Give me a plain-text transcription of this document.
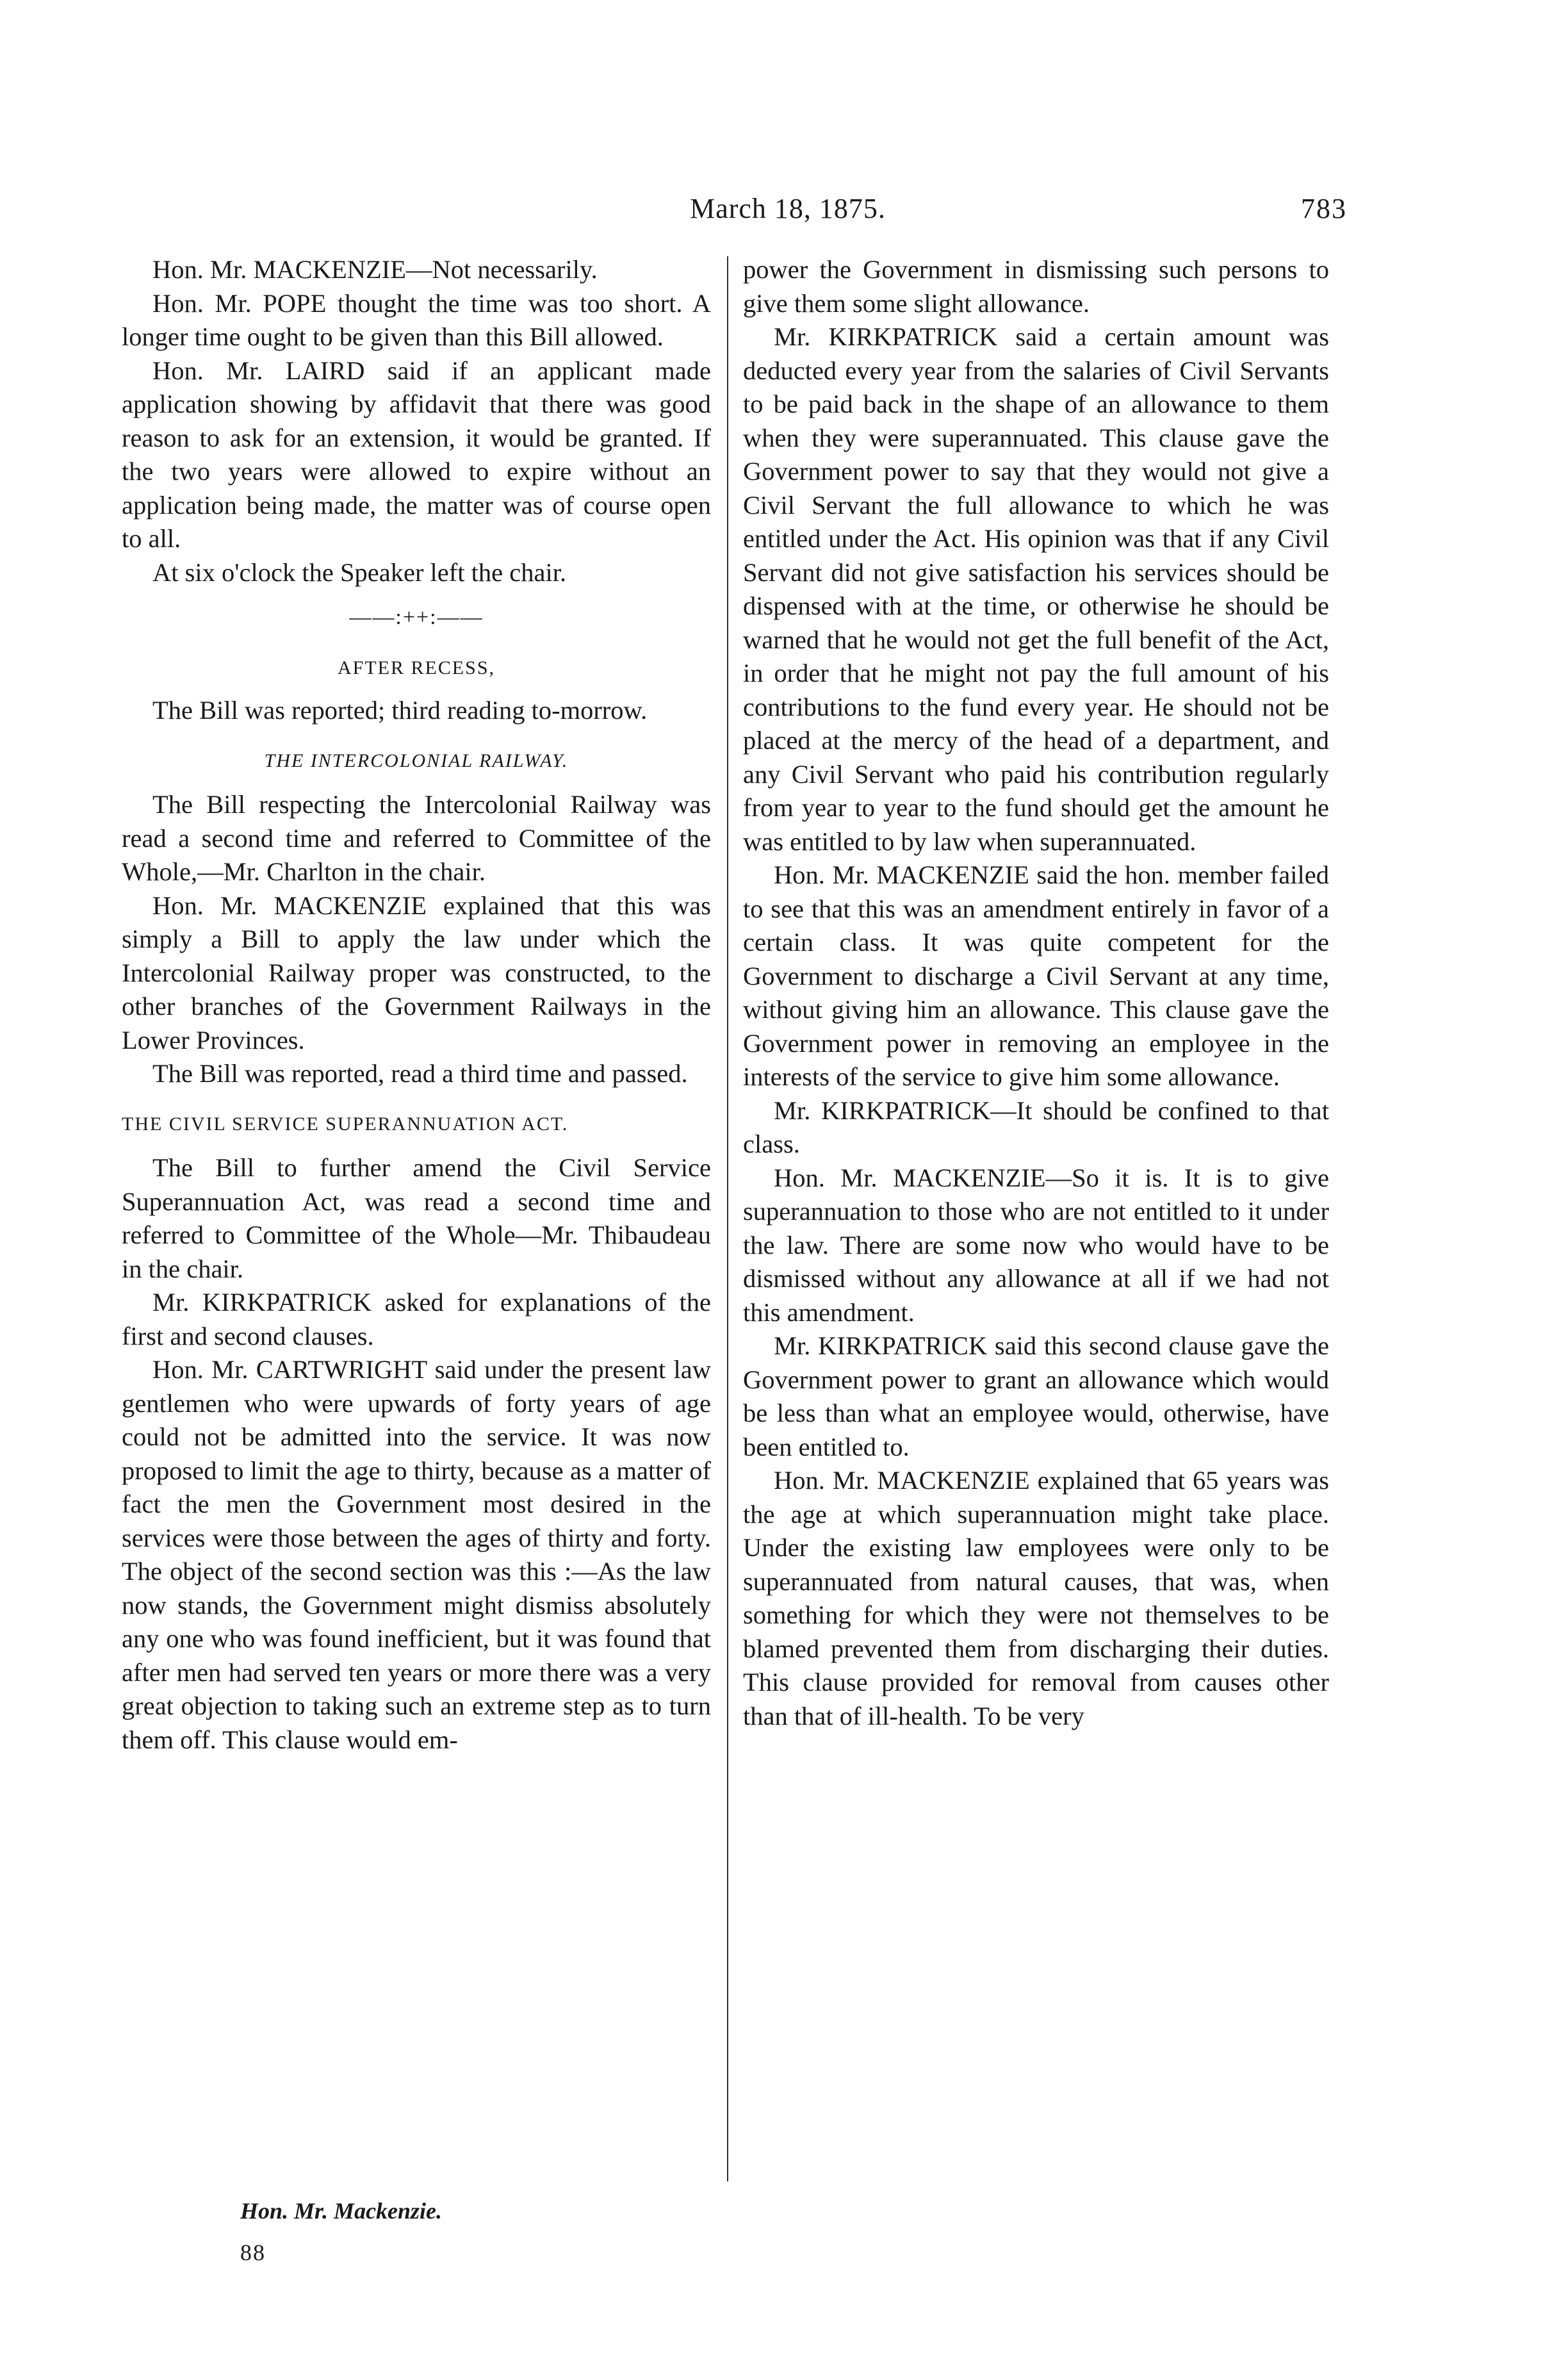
March 18, 1875.	783

Hon. Mr. MACKENZIE—Not necessarily.

Hon. Mr. POPE thought the time was too short. A longer time ought to be given than this Bill allowed.

Hon. Mr. LAIRD said if an applicant made application showing by affidavit that there was good reason to ask for an extension, it would be granted. If the two years were allowed to expire without an application being made, the matter was of course open to all.

At six o'clock the Speaker left the chair.

——:++:——
AFTER RECESS,

The Bill was reported; third reading to-morrow.

THE INTERCOLONIAL RAILWAY.

The Bill respecting the Intercolonial Railway was read a second time and referred to Committee of the Whole,—Mr. Charlton in the chair.

Hon. Mr. MACKENZIE explained that this was simply a Bill to apply the law under which the Intercolonial Railway proper was constructed, to the other branches of the Government Railways in the Lower Provinces.

The Bill was reported, read a third time and passed.

THE CIVIL SERVICE SUPERANNUATION ACT.

The Bill to further amend the Civil Service Superannuation Act, was read a second time and referred to Committee of the Whole—Mr. Thibaudeau in the chair.

Mr. KIRKPATRICK asked for explanations of the first and second clauses.

Hon. Mr. CARTWRIGHT said under the present law gentlemen who were upwards of forty years of age could not be admitted into the service. It was now proposed to limit the age to thirty, because as a matter of fact the men the Government most desired in the services were those between the ages of thirty and forty. The object of the second section was this :—As the law now stands, the Government might dismiss absolutely any one who was found inefficient, but it was found that after men had served ten years or more there was a very great objection to taking such an extreme step as to turn them off. This clause would em-

power the Government in dismissing such persons to give them some slight allowance.

Mr. KIRKPATRICK said a certain amount was deducted every year from the salaries of Civil Servants to be paid back in the shape of an allowance to them when they were superannuated. This clause gave the Government power to say that they would not give a Civil Servant the full allowance to which he was entitled under the Act. His opinion was that if any Civil Servant did not give satisfaction his services should be dispensed with at the time, or otherwise he should be warned that he would not get the full benefit of the Act, in order that he might not pay the full amount of his contributions to the fund every year. He should not be placed at the mercy of the head of a department, and any Civil Servant who paid his contribution regularly from year to year to the fund should get the amount he was entitled to by law when superannuated.

Hon. Mr. MACKENZIE said the hon. member failed to see that this was an amendment entirely in favor of a certain class. It was quite competent for the Government to discharge a Civil Servant at any time, without giving him an allowance. This clause gave the Government power in removing an employee in the interests of the service to give him some allowance.

Mr. KIRKPATRICK—It should be confined to that class.

Hon. Mr. MACKENZIE—So it is. It is to give superannuation to those who are not entitled to it under the law. There are some now who would have to be dismissed without any allowance at all if we had not this amendment.

Mr. KIRKPATRICK said this second clause gave the Government power to grant an allowance which would be less than what an employee would, otherwise, have been entitled to.

Hon. Mr. MACKENZIE explained that 65 years was the age at which superannuation might take place. Under the existing law employees were only to be superannuated from natural causes, that was, when something for which they were not themselves to be blamed prevented them from discharging their duties. This clause provided for removal from causes other than that of ill-health. To be very

Hon. Mr. Mackenzie.
88
